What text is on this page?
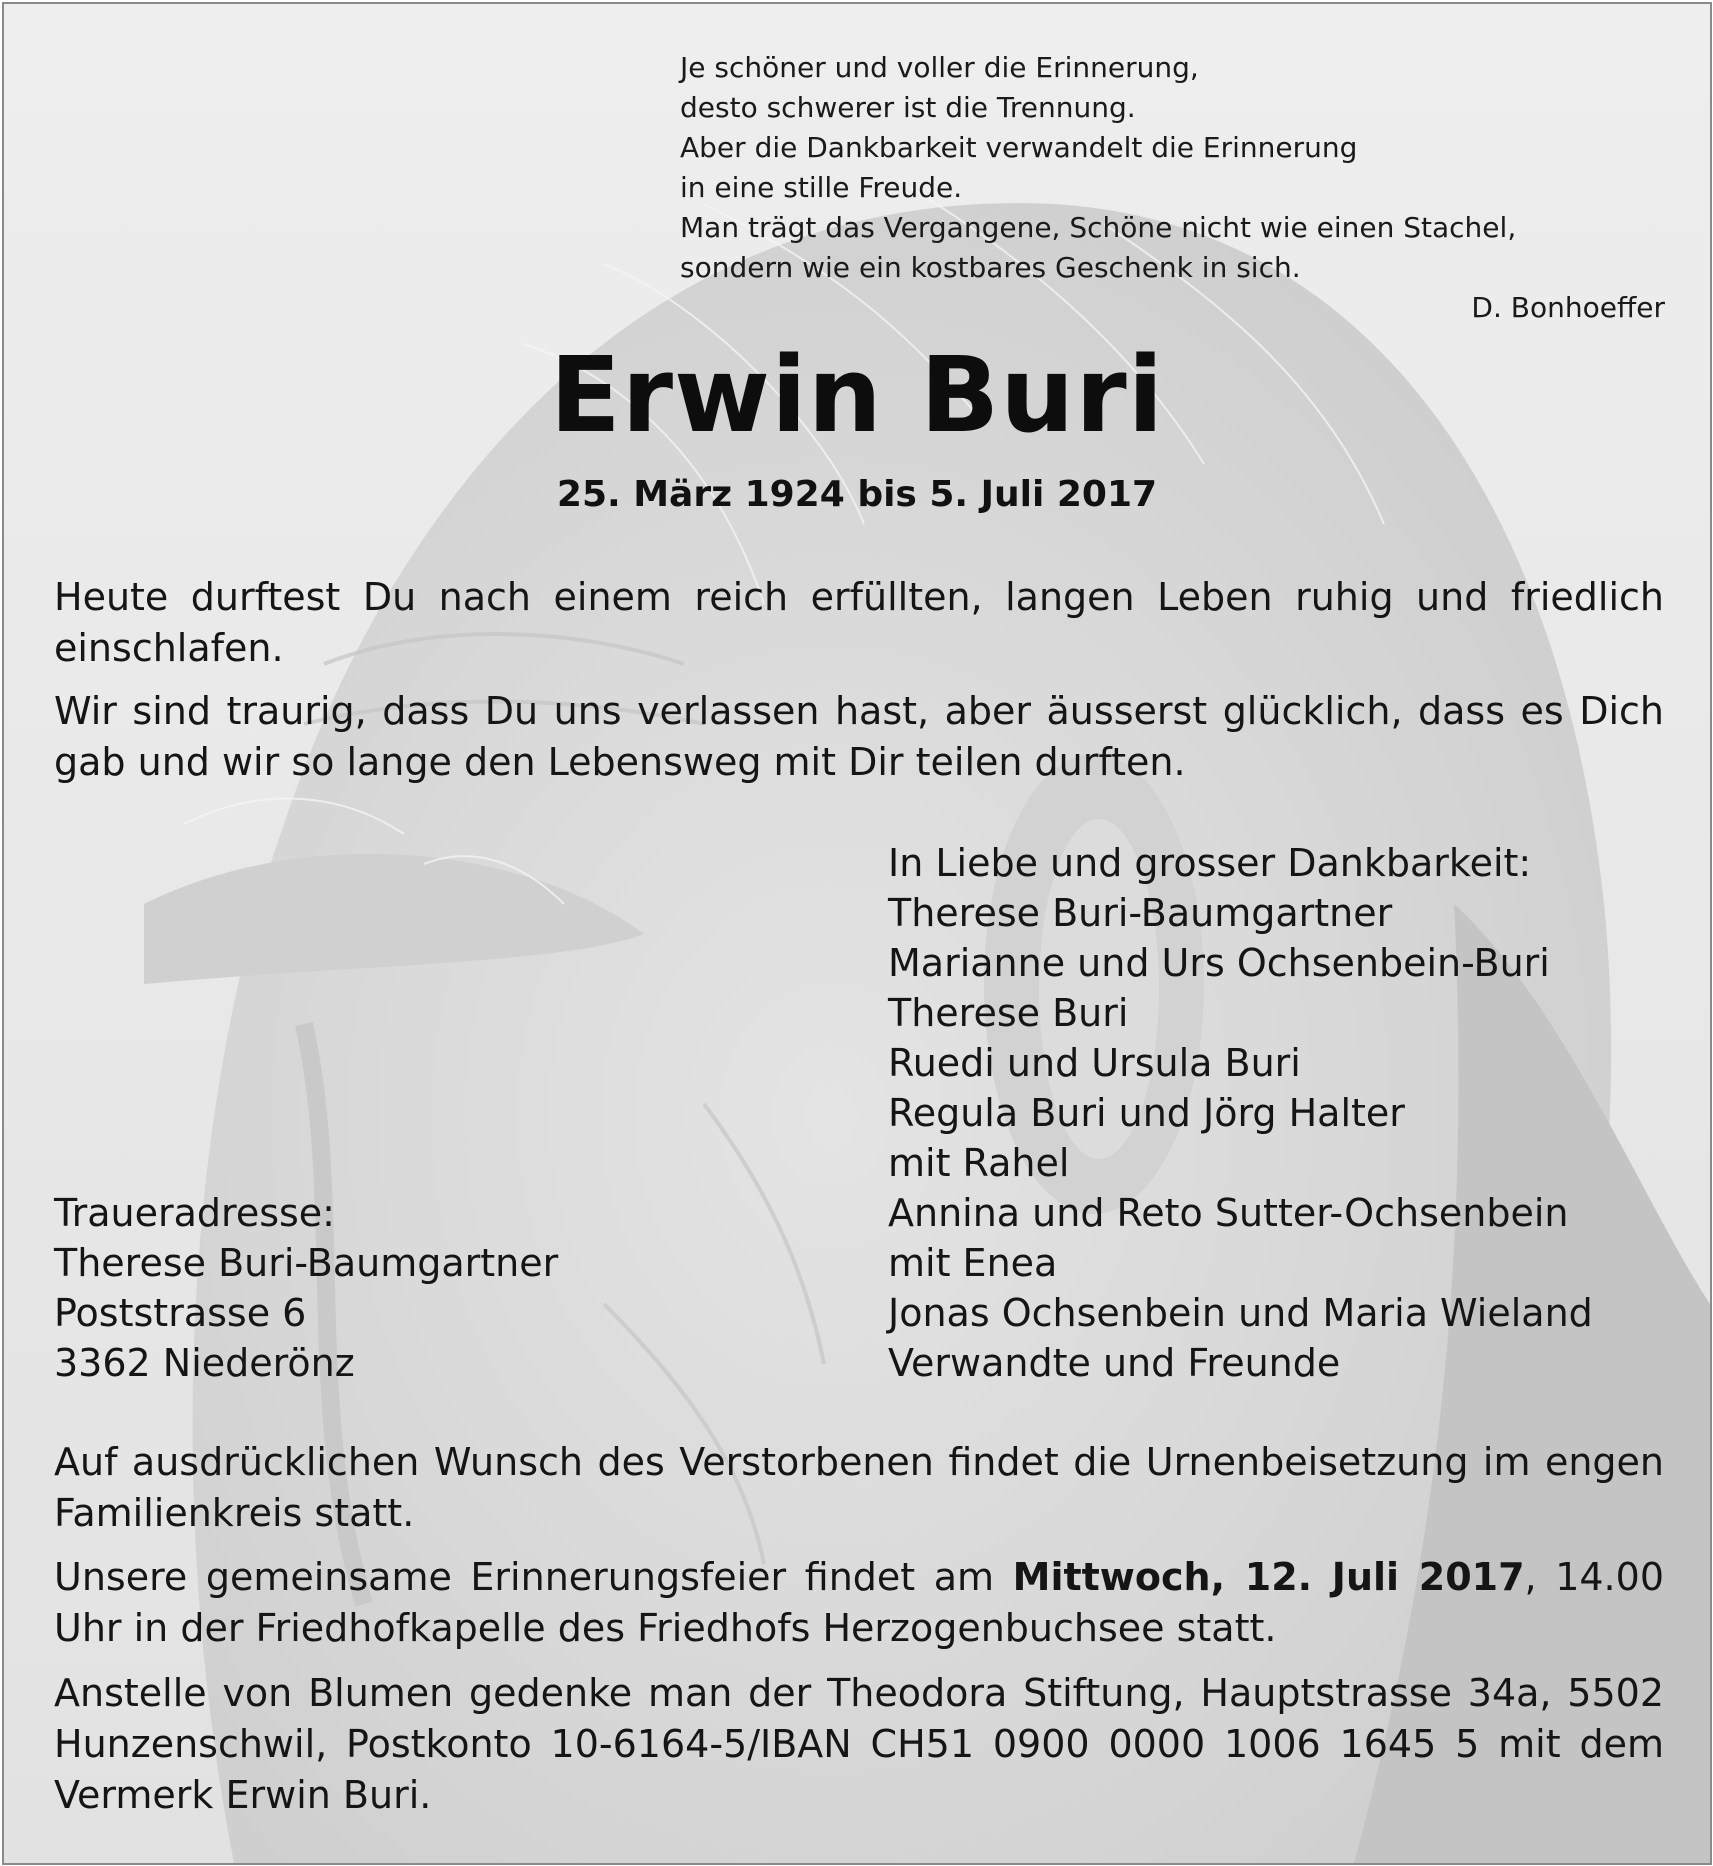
Je schöner und voller die Erinnerung,
desto schwerer ist die Trennung.
Aber die Dankbarkeit verwandelt die Erinnerung
in eine stille Freude.
Man trägt das Vergangene, Schöne nicht wie einen Stachel,
sondern wie ein kostbares Geschenk in sich.
D. Bonhoeffer
Erwin Buri
25. März 1924 bis 5. Juli 2017
Heute durftest Du nach einem reich erfüllten, langen Leben ruhig und friedlich einschlafen.
Wir sind traurig, dass Du uns verlassen hast, aber äusserst glücklich, dass es Dich gab und wir so lange den Lebensweg mit Dir teilen durften.
In Liebe und grosser Dankbarkeit:
Therese Buri-Baumgartner
Marianne und Urs Ochsenbein-Buri
Therese Buri
Ruedi und Ursula Buri
Regula Buri und Jörg Halter
mit Rahel
Annina und Reto Sutter-Ochsenbein
mit Enea
Jonas Ochsenbein und Maria Wieland
Verwandte und Freunde
Traueradresse:
Therese Buri-Baumgartner
Poststrasse 6
3362 Niederönz
Auf ausdrücklichen Wunsch des Verstorbenen findet die Urnenbeisetzung im engen Familienkreis statt.
Unsere gemeinsame Erinnerungsfeier findet am Mittwoch, 12. Juli 2017, 14.00 Uhr in der Friedhofkapelle des Friedhofs Herzogenbuchsee statt.
Anstelle von Blumen gedenke man der Theodora Stiftung, Hauptstrasse 34a, 5502 Hunzenschwil, Postkonto 10-6164-5/IBAN CH51 0900 0000 1006 1645 5 mit dem Vermerk Erwin Buri.
